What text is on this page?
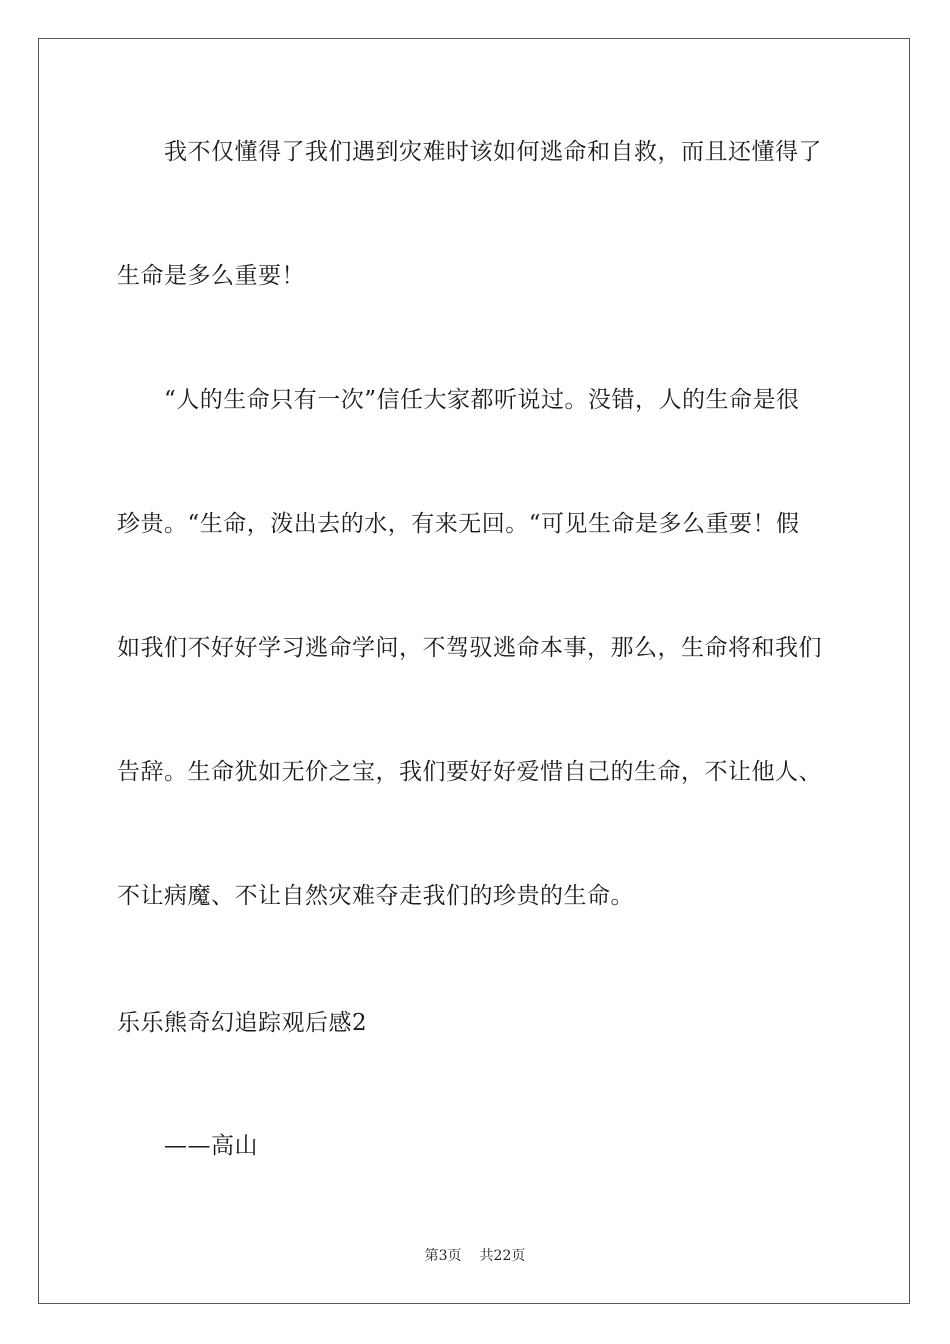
我不仅懂得了我们遇到灾难时该如何逃命和自救，而且还懂得了
生命是多么重要！
“人的生命只有一次”信任大家都听说过。没错，人的生命是很
珍贵。“生命，泼出去的水，有来无回。“可见生命是多么重要！假
如我们不好好学习逃命学问，不驾驭逃命本事，那么，生命将和我们
告辞。生命犹如无价之宝，我们要好好爱惜自己的生命，不让他人、
不让病魔、不让自然灾难夺走我们的珍贵的生命。
乐乐熊奇幻追踪观后感2
——高山
第3页 共22页
